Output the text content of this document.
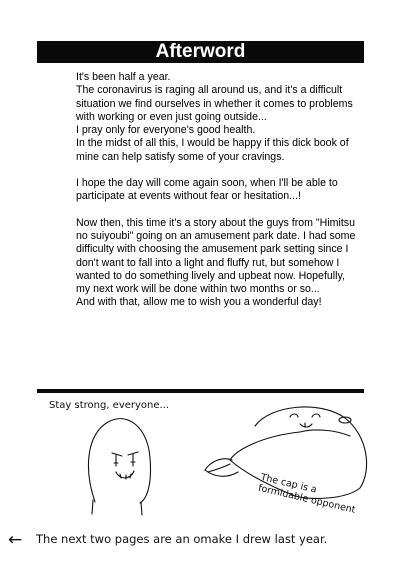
Afterword

It's been half a year.
The coronavirus is raging all around us, and it's a difficult situation we find ourselves in whether it comes to problems with working or even just going outside...
I pray only for everyone's good health.
In the midst of all this, I would be happy if this dick book of mine can help satisfy some of your cravings.

I hope the day will come again soon, when I'll be able to participate at events without fear or hesitation...!

Now then, this time it's a story about the guys from "Himitsu no suiyoubi" going on an amusement park date. I had some difficulty with choosing the amusement park setting since I don't want to fall into a light and fluffy rut, but somehow I wanted to do something lively and upbeat now. Hopefully, my next work will be done within two months or so...
And with that, allow me to wish you a wonderful day!

Stay strong, everyone...
The cap is a
formidable opponent
← The next two pages are an omake I drew last year.
